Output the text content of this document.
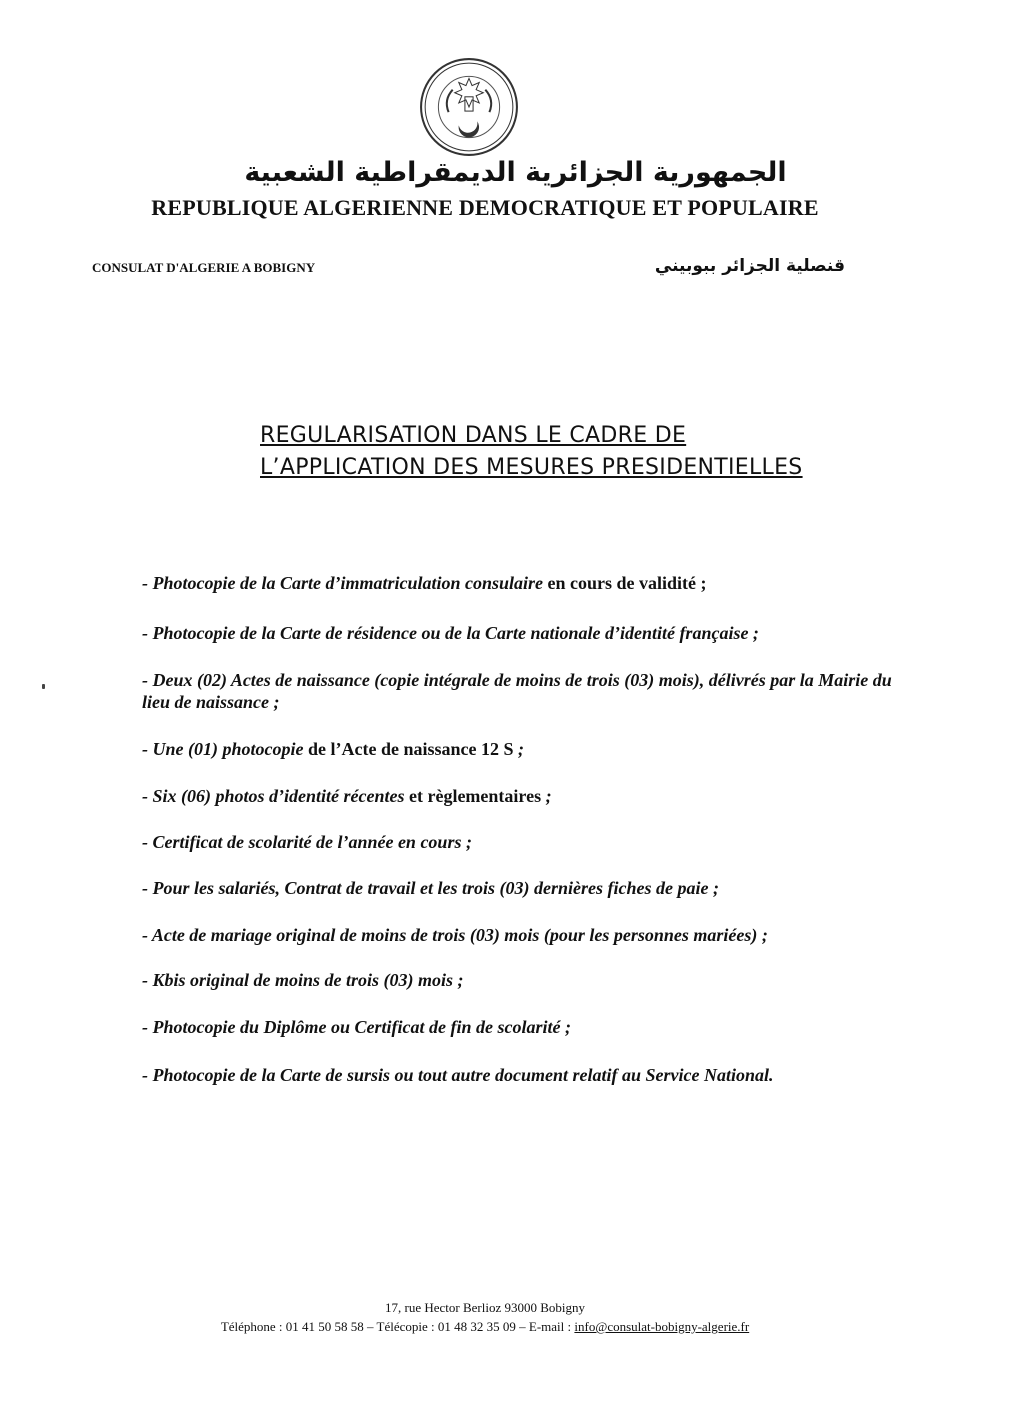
الجمهورية الجزائرية الديمقراطية الشعبية
REPUBLIQUE ALGERIENNE DEMOCRATIQUE ET POPULAIRE
CONSULAT D'ALGERIE A BOBIGNY	قنصلية الجزائر ببوبيني
REGULARISATION DANS LE CADRE DE
L’APPLICATION DES MESURES PRESIDENTIELLES
- Photocopie de la Carte d’immatriculation consulaire en cours de validité ;
- Photocopie de la Carte de résidence ou de la Carte nationale d’identité française ;
- Deux (02) Actes de naissance (copie intégrale de moins de trois (03) mois), délivrés par la Mairie du lieu de naissance ;
- Une (01) photocopie de l’Acte de naissance 12 S ;
- Six (06) photos d’identité récentes et règlementaires ;
- Certificat de scolarité de l’année en cours ;
- Pour les salariés, Contrat de travail et les trois (03) dernières fiches de paie ;
- Acte de mariage original de moins de trois (03) mois (pour les personnes mariées) ;
- Kbis original de moins de trois (03) mois ;
- Photocopie du Diplôme ou Certificat de fin de scolarité ;
- Photocopie de la Carte de sursis ou tout autre document relatif au Service National.
17, rue Hector Berlioz 93000 Bobigny
Téléphone : 01 41 50 58 58 – Télécopie : 01 48 32 35 09 – E-mail : info@consulat-bobigny-algerie.fr
